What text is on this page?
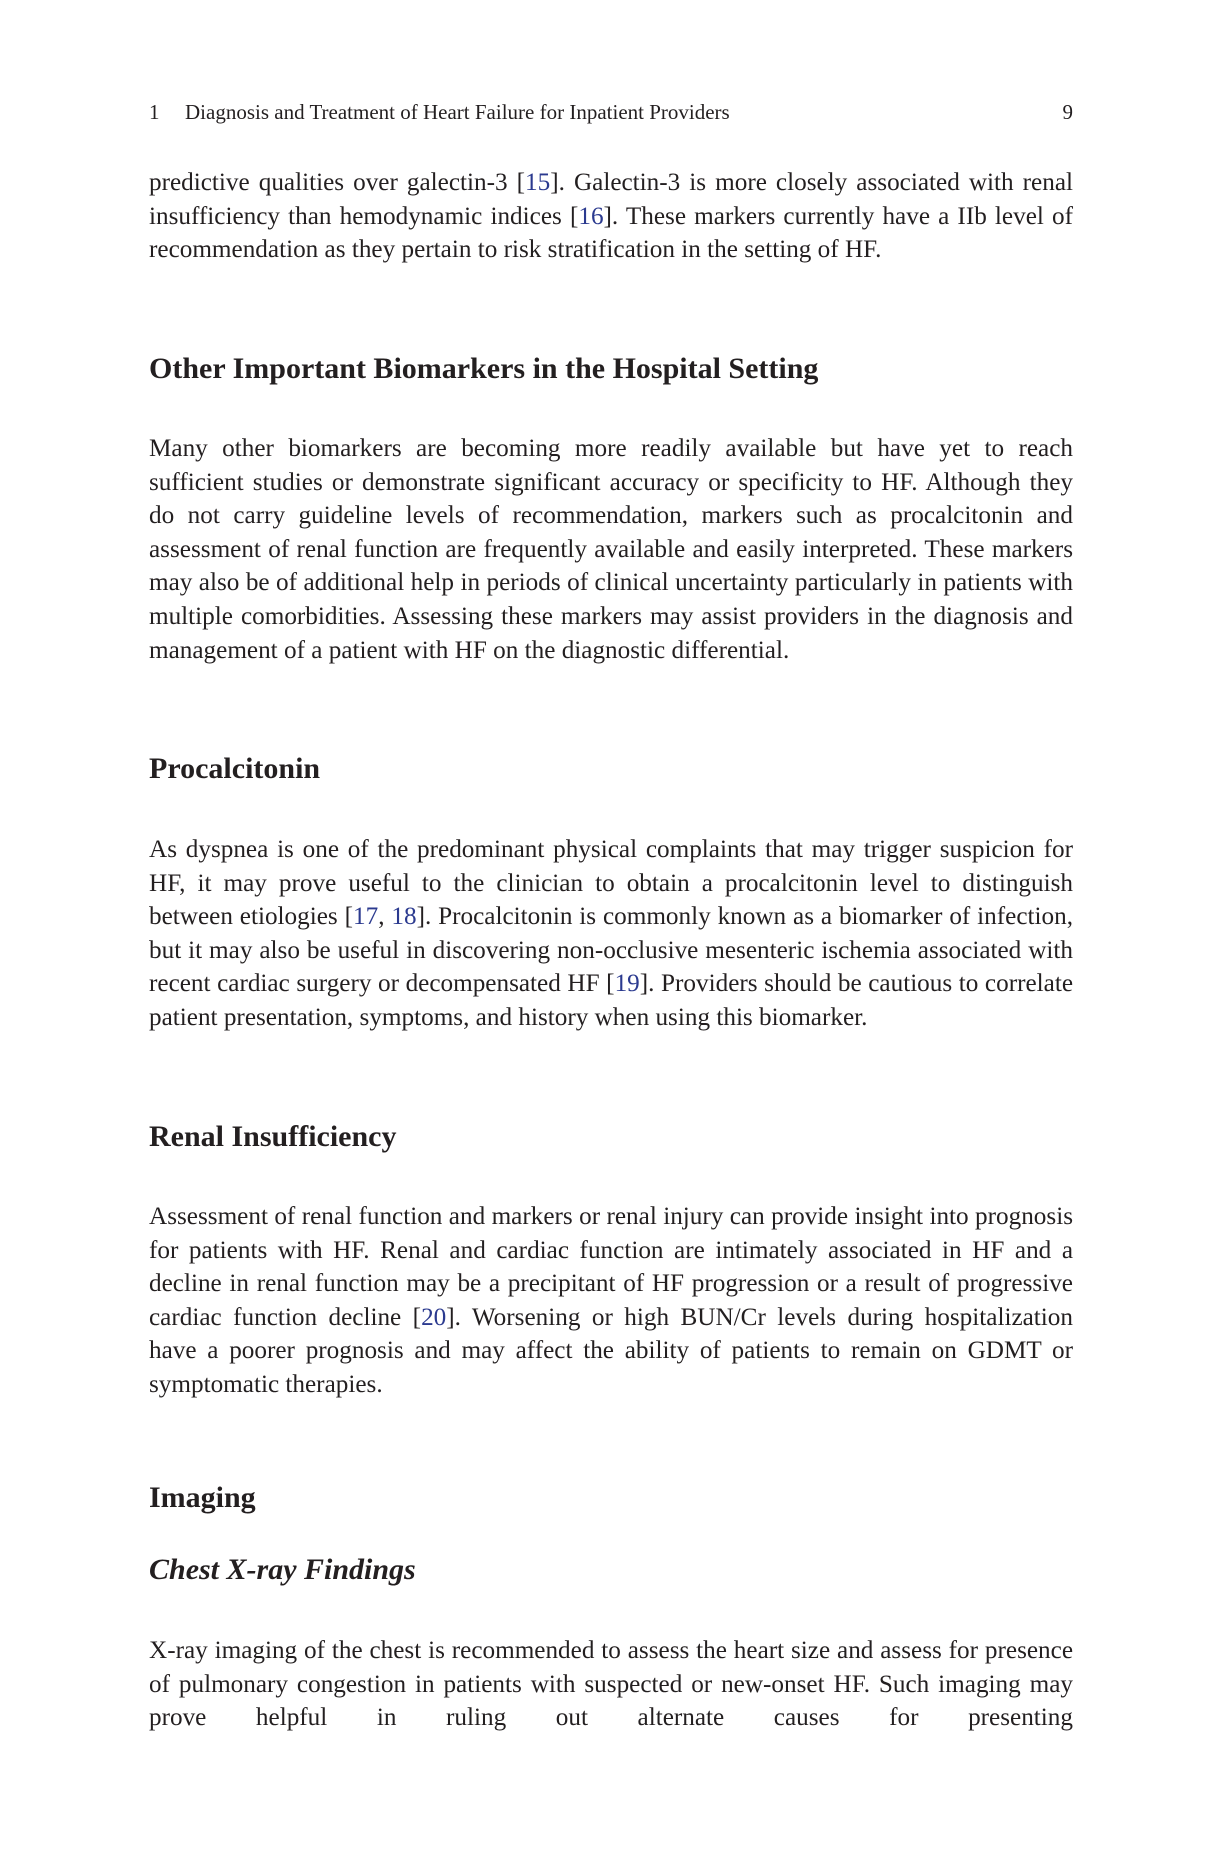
1 Diagnosis and Treatment of Heart Failure for Inpatient Providers	9

predictive qualities over galectin-3 [15]. Galectin-3 is more closely associated with renal insufficiency than hemodynamic indices [16]. These markers currently have a IIb level of recommendation as they pertain to risk stratification in the setting of HF.

Other Important Biomarkers in the Hospital Setting

Many other biomarkers are becoming more readily available but have yet to reach sufficient studies or demonstrate significant accuracy or specificity to HF. Although they do not carry guideline levels of recommendation, markers such as procalcitonin and assessment of renal function are frequently available and easily interpreted. These markers may also be of additional help in periods of clinical uncertainty particularly in patients with multiple comorbidities. Assessing these markers may assist providers in the diagnosis and management of a patient with HF on the diagnostic differential.

Procalcitonin

As dyspnea is one of the predominant physical complaints that may trigger suspicion for HF, it may prove useful to the clinician to obtain a procalcitonin level to distinguish between etiologies [17, 18]. Procalcitonin is commonly known as a biomarker of infection, but it may also be useful in discovering non-occlusive mesenteric ischemia associated with recent cardiac surgery or decompensated HF [19]. Providers should be cautious to correlate patient presentation, symptoms, and history when using this biomarker.

Renal Insufficiency

Assessment of renal function and markers or renal injury can provide insight into prognosis for patients with HF. Renal and cardiac function are intimately associated in HF and a decline in renal function may be a precipitant of HF progression or a result of progressive cardiac function decline [20]. Worsening or high BUN/Cr levels during hospitalization have a poorer prognosis and may affect the ability of patients to remain on GDMT or symptomatic therapies.

Imaging
Chest X-ray Findings

X-ray imaging of the chest is recommended to assess the heart size and assess for presence of pulmonary congestion in patients with suspected or new-onset HF. Such imaging may prove helpful in ruling out alternate causes for presenting
